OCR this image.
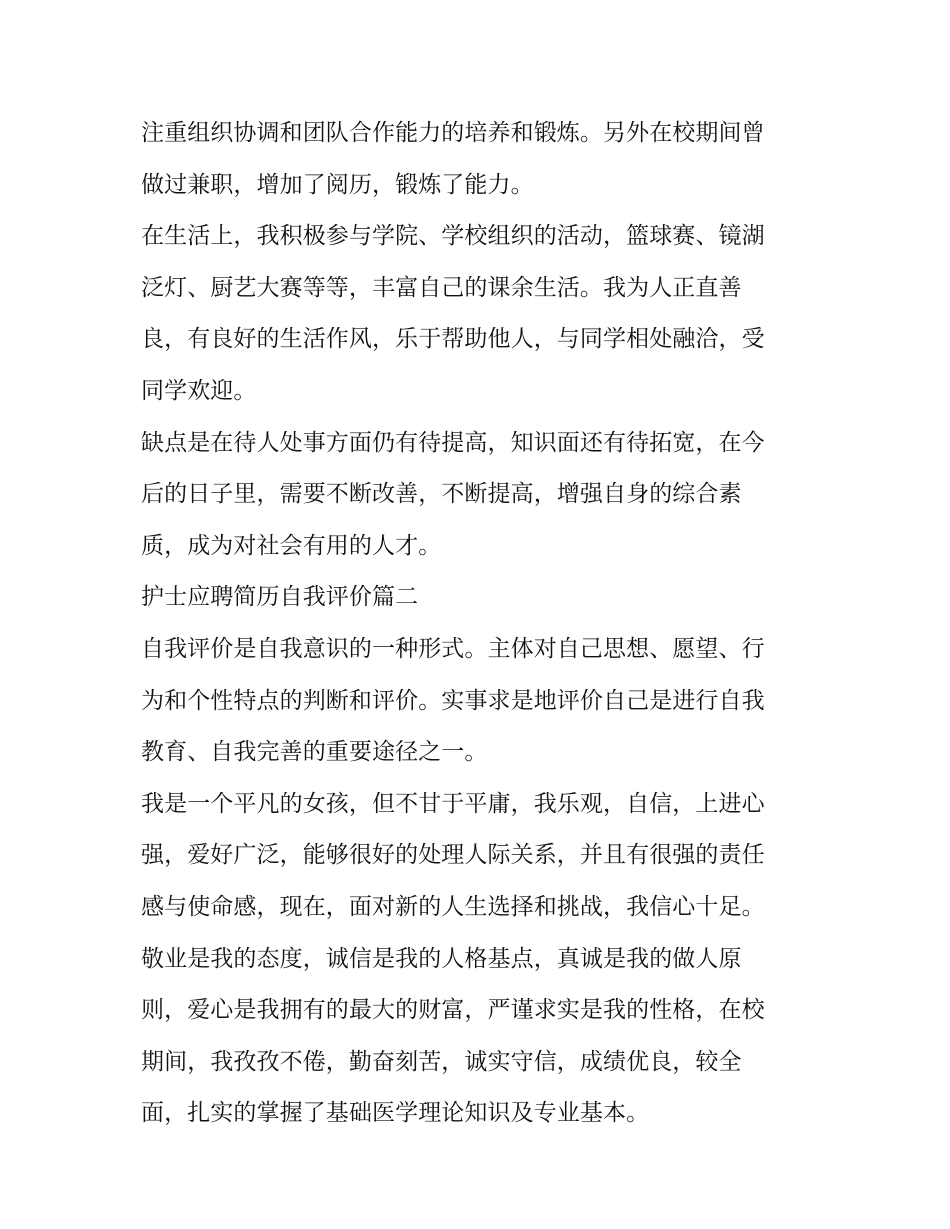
注重组织协调和团队合作能力的培养和锻炼。另外在校期间曾
做过兼职，增加了阅历，锻炼了能力。
在生活上，我积极参与学院、学校组织的活动，篮球赛、镜湖
泛灯、厨艺大赛等等，丰富自己的课余生活。我为人正直善
良，有良好的生活作风，乐于帮助他人，与同学相处融洽，受
同学欢迎。
缺点是在待人处事方面仍有待提高，知识面还有待拓宽，在今
后的日子里，需要不断改善，不断提高，增强自身的综合素
质，成为对社会有用的人才。
护士应聘简历自我评价篇二
自我评价是自我意识的一种形式。主体对自己思想、愿望、行
为和个性特点的判断和评价。实事求是地评价自己是进行自我
教育、自我完善的重要途径之一。
我是一个平凡的女孩，但不甘于平庸，我乐观，自信，上进心
强，爱好广泛，能够很好的处理人际关系，并且有很强的责任
感与使命感，现在，面对新的人生选择和挑战，我信心十足。
敬业是我的态度，诚信是我的人格基点，真诚是我的做人原
则，爱心是我拥有的最大的财富，严谨求实是我的性格，在校
期间，我孜孜不倦，勤奋刻苦，诚实守信，成绩优良，较全
面，扎实的掌握了基础医学理论知识及专业基本。
